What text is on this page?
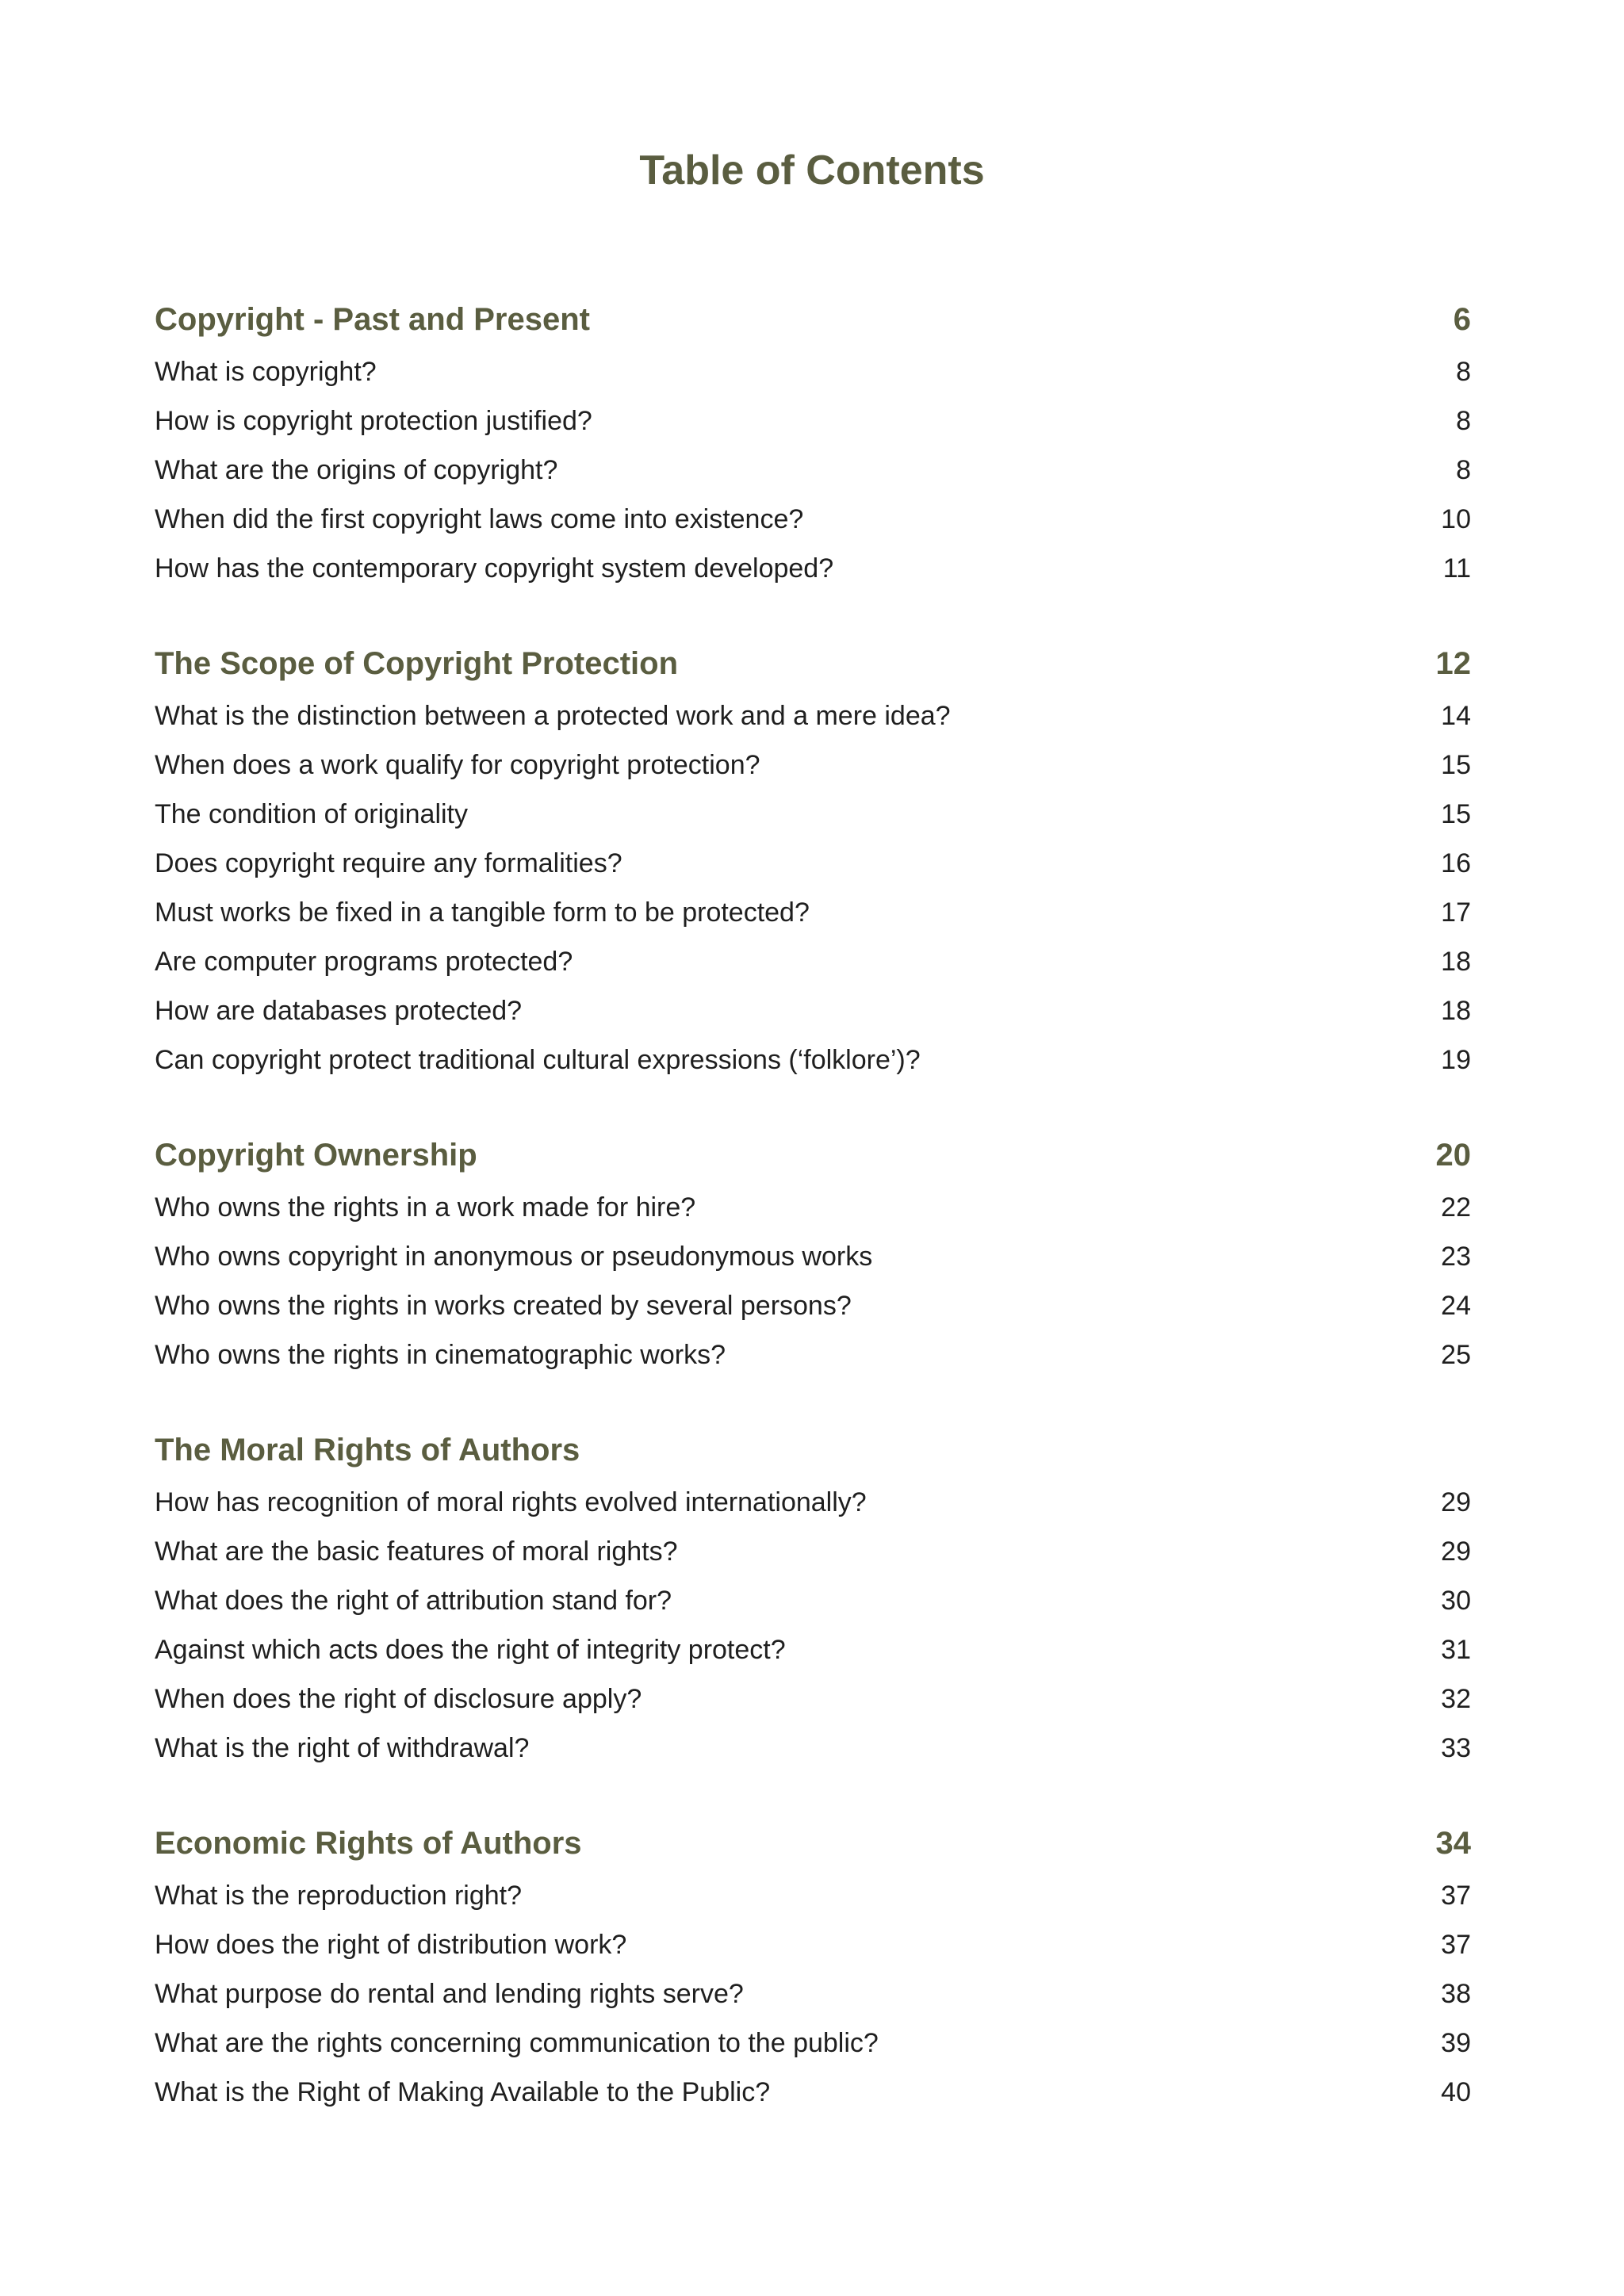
Table of Contents
Copyright - Past and Present	6
What is copyright?	8
How is copyright protection justified?	8
What are the origins of copyright?	8
When did the first copyright laws come into existence?	10
How has the contemporary copyright system developed?	11
The Scope of Copyright Protection	12
What is the distinction between a protected work and a mere idea?	14
When does a work qualify for copyright protection?	15
The condition of originality	15
Does copyright require any formalities?	16
Must works be fixed in a tangible form to be protected?	17
Are computer programs protected?	18
How are databases protected?	18
Can copyright protect traditional cultural expressions (‘folklore’)?	19
Copyright Ownership	20
Who owns the rights in a work made for hire?	22
Who owns copyright in anonymous or pseudonymous works	23
Who owns the rights in works created by several persons?	24
Who owns the rights in cinematographic works?	25
The Moral Rights of Authors
How has recognition of moral rights evolved internationally?	29
What are the basic features of moral rights?	29
What does the right of attribution stand for?	30
Against which acts does the right of integrity protect?	31
When does the right of disclosure apply?	32
What is the right of withdrawal?	33
Economic Rights of Authors	34
What is the reproduction right?	37
How does the right of distribution work?	37
What purpose do rental and lending rights serve?	38
What are the rights concerning communication to the public?	39
What is the Right of Making Available to the Public?	40
